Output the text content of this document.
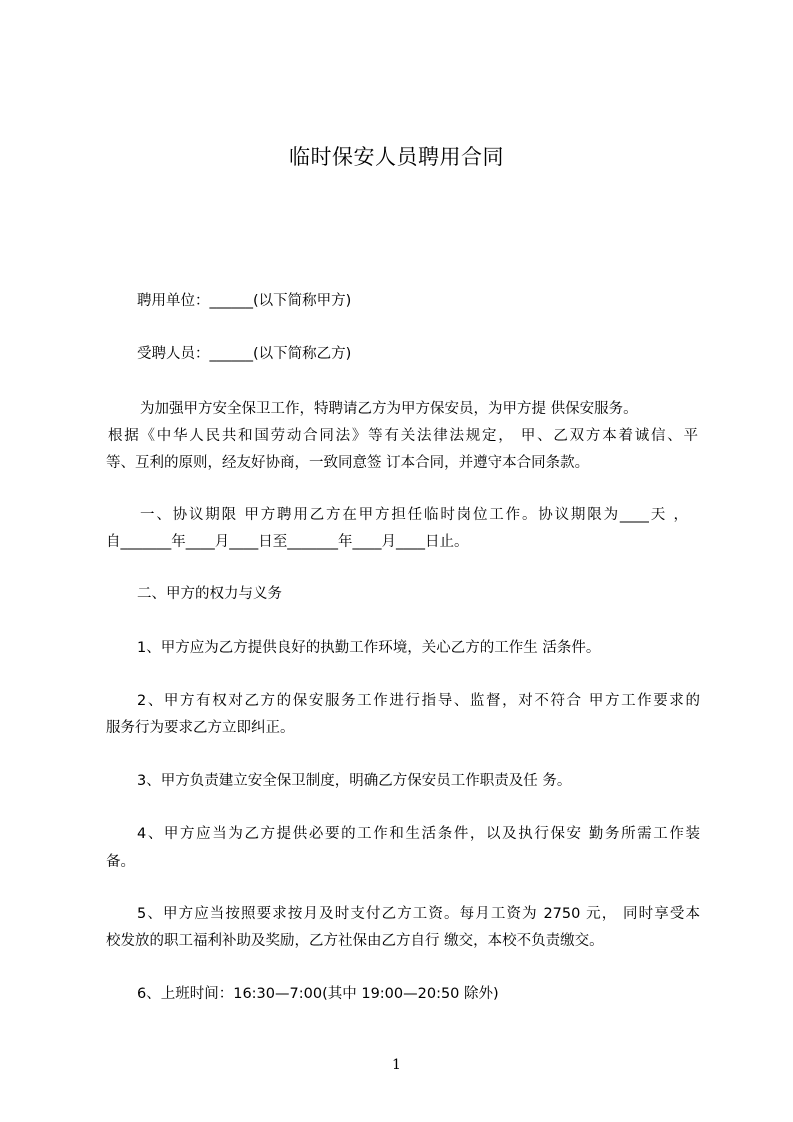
临时保安人员聘用合同
聘用单位：______(以下简称甲方)
受聘人员：______(以下简称乙方)
为加强甲方安全保卫工作，特聘请乙方为甲方保安员，为甲方提 供保安服务。
根据《中华人民共和国劳动合同法》等有关法律法规定， 甲、乙双方本着诚信、平
等、互利的原则，经友好协商，一致同意签 订本合同，并遵守本合同条款。
一、协议期限 甲方聘用乙方在甲方担任临时岗位工作。协议期限为____天 ，
自_______年____月____日至_______年____月____日止。
二、甲方的权力与义务
1、甲方应为乙方提供良好的执勤工作环境，关心乙方的工作生 活条件。
2、甲方有权对乙方的保安服务工作进行指导、监督，对不符合 甲方工作要求的
服务行为要求乙方立即纠正。
3、甲方负责建立安全保卫制度，明确乙方保安员工作职责及任 务。
4、甲方应当为乙方提供必要的工作和生活条件，以及执行保安 勤务所需工作装
备。
5、甲方应当按照要求按月及时支付乙方工资。每月工资为 2750 元， 同时享受本
校发放的职工福利补助及奖励，乙方社保由乙方自行 缴交，本校不负责缴交。
6、上班时间：16:30—7:00(其中 19:00—20:50 除外)
1
